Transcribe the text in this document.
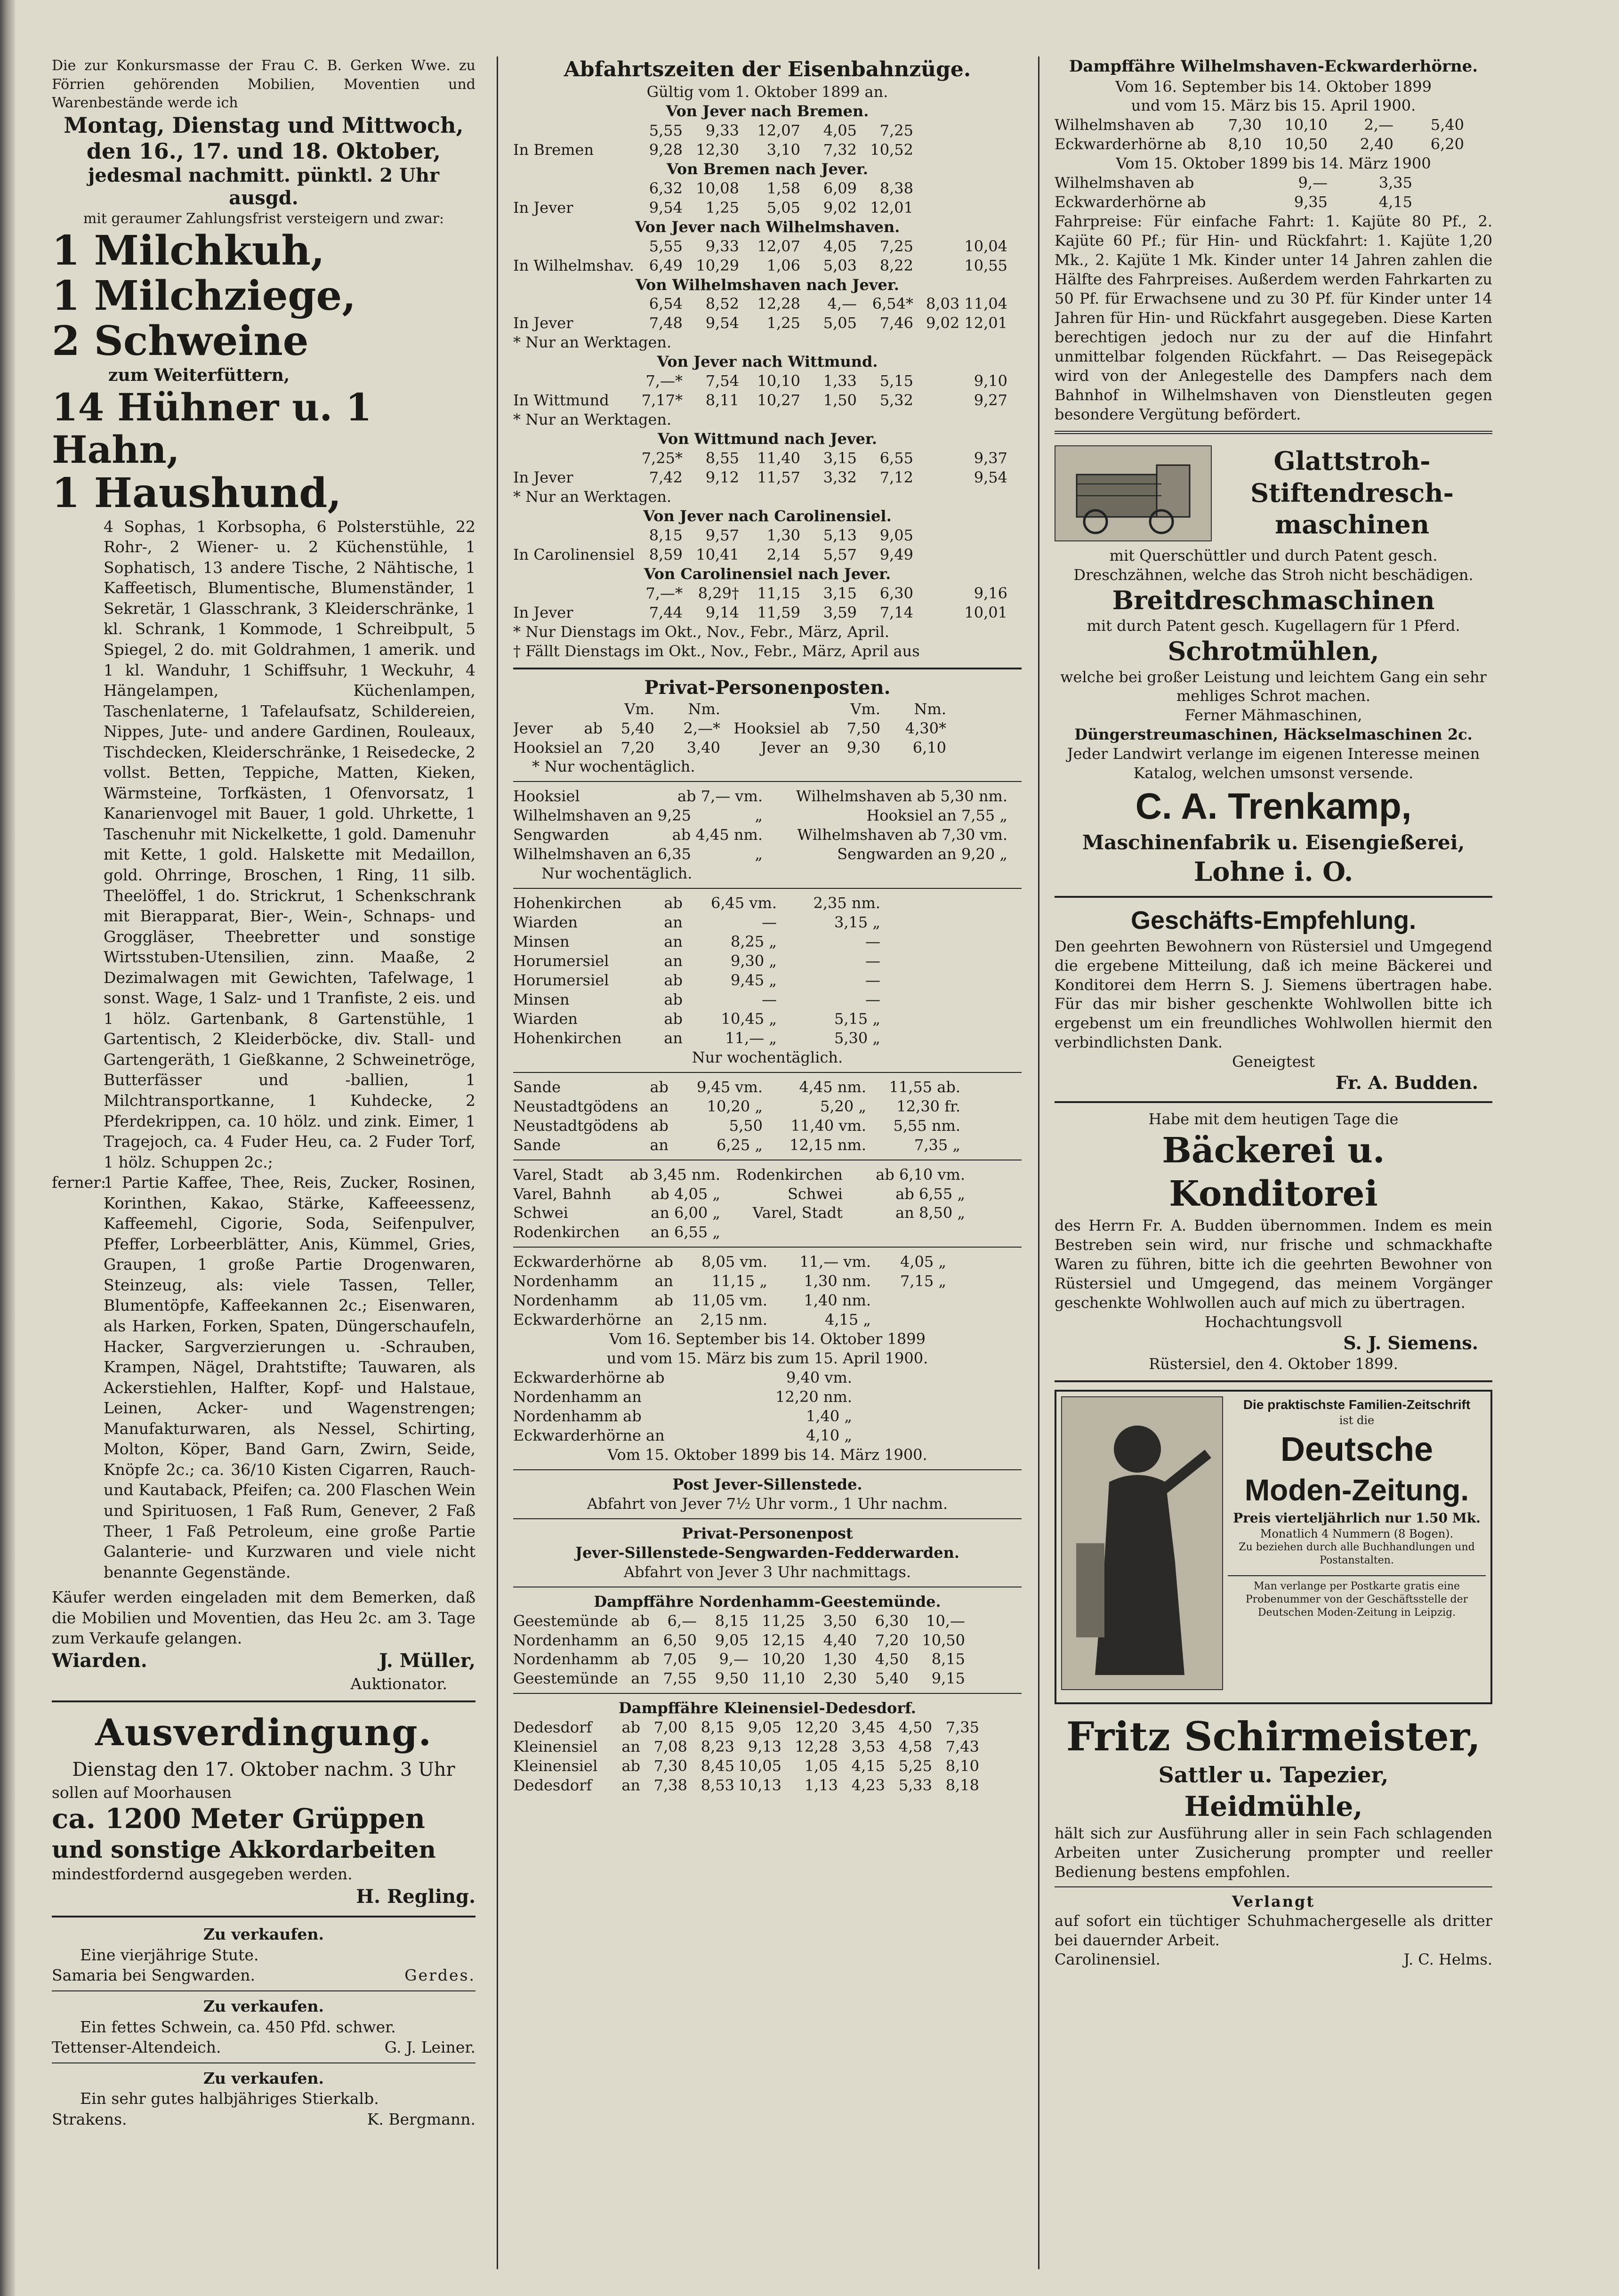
Die zur Konkursmasse der Frau C. B. Gerken Wwe. zu Förrien gehörenden Mobilien, Moventien und Warenbestände werde ich
Montag, Dienstag und Mittwoch,
den 16., 17. und 18. Oktober,
jedesmal nachmitt. pünktl. 2 Uhr ausgd.
mit geraumer Zahlungsfrist versteigern und zwar:
1 Milchkuh,
1 Milchziege,
2 Schweine
zum Weiterfüttern,
14 Hühner u. 1 Hahn,
1 Haushund,
4 Sophas, 1 Korbsopha, 6 Polsterstühle, 22 Rohr-, 2 Wiener- u. 2 Küchenstühle, 1 Sophatisch, 13 andere Tische, 2 Nähtische, 1 Kaffeetisch, Blumentische, Blumenständer, 1 Sekretär, 1 Glasschrank, 3 Kleiderschränke, 1 kl. Schrank, 1 Kommode, 1 Schreibpult, 5 Spiegel, 2 do. mit Goldrahmen, 1 amerik. und 1 kl. Wanduhr, 1 Schiffsuhr, 1 Weckuhr, 4 Hängelampen, Küchenlampen, Taschenlaterne, 1 Tafelaufsatz, Schildereien, Nippes, Jute- und andere Gardinen, Rouleaux, Tischdecken, Kleiderschränke, 1 Reisedecke, 2 vollst. Betten, Teppiche, Matten, Kieken, Wärmsteine, Torfkästen, 1 Ofenvorsatz, 1 Kanarienvogel mit Bauer, 1 gold. Uhrkette, 1 Taschenuhr mit Nickelkette, 1 gold. Damenuhr mit Kette, 1 gold. Halskette mit Medaillon, gold. Ohrringe, Broschen, 1 Ring, 11 silb. Theelöffel, 1 do. Strickrut, 1 Schenkschrank mit Bierapparat, Bier-, Wein-, Schnaps- und Groggläser, Theebretter und sonstige Wirtsstuben-Utensilien, zinn. Maaße, 2 Dezimalwagen mit Gewichten, Tafelwage, 1 sonst. Wage, 1 Salz- und 1 Tranfiste, 2 eis. und 1 hölz. Gartenbank, 8 Gartenstühle, 1 Gartentisch, 2 Kleiderböcke, div. Stall- und Gartengeräth, 1 Gießkanne, 2 Schweinetröge, Butterfässer und -ballien, 1 Milchtransportkanne, 1 Kuhdecke, 2 Pferdekrippen, ca. 10 hölz. und zink. Eimer, 1 Tragejoch, ca. 4 Fuder Heu, ca. 2 Fuder Torf, 1 hölz. Schuppen 2c.;
ferner:
1 Partie Kaffee, Thee, Reis, Zucker, Rosinen, Korinthen, Kakao, Stärke, Kaffeeessenz, Kaffeemehl, Cigorie, Soda, Seifenpulver, Pfeffer, Lorbeerblätter, Anis, Kümmel, Gries, Graupen, 1 große Partie Drogenwaren, Steinzeug, als: viele Tassen, Teller, Blumentöpfe, Kaffeekannen 2c.; Eisenwaren, als Harken, Forken, Spaten, Düngerschaufeln, Hacker, Sargverzierungen u. -Schrauben, Krampen, Nägel, Drahtstifte; Tauwaren, als Ackerstiehlen, Halfter, Kopf- und Halstaue, Leinen, Acker- und Wagenstrengen; Manufakturwaren, als Nessel, Schirting, Molton, Köper, Band Garn, Zwirn, Seide, Knöpfe 2c.; ca. 36/10 Kisten Cigarren, Rauch- und Kautaback, Pfeifen; ca. 200 Flaschen Wein und Spirituosen, 1 Faß Rum, Genever, 2 Faß Theer, 1 Faß Petroleum, eine große Partie Galanterie- und Kurzwaren und viele nicht benannte Gegenstände.
Käufer werden eingeladen mit dem Bemerken, daß die Mobilien und Moventien, das Heu 2c. am 3. Tage zum Verkaufe gelangen.
Wiarden.	J. Müller,
Auktionator.
Ausverdingung.
Dienstag den 17. Oktober nachm. 3 Uhr
sollen auf Moorhausen
ca. 1200 Meter Grüppen
und sonstige Akkordarbeiten
mindestfordernd ausgegeben werden.
H. Regling.
Zu verkaufen.
Eine vierjährige Stute.
Samaria bei Sengwarden.	Gerdes.
Zu verkaufen.
Ein fettes Schwein, ca. 450 Pfd. schwer.
Tettenser-Altendeich.	G. J. Leiner.
Zu verkaufen.
Ein sehr gutes halbjähriges Stierkalb.
Strakens.	K. Bergmann.
Abfahrtszeiten der Eisenbahnzüge.
Gültig vom 1. Oktober 1899 an.
Von Jever nach Bremen.
5,55	9,33	12,07	4,05	7,25
In Bremen	9,28 12,30	3,10	7,32 10,52
Von Bremen nach Jever.
6,32 10,08	1,58	6,09	8,38
In Jever	9,54	1,25	5,05	9,02 12,01
Von Jever nach Wilhelmshaven.
5,55	9,33	12,07	4,05	7,25	10,04
In Wilhelmshav. 6,49 10,29	1,06	5,03	8,22	10,55
Von Wilhelmshaven nach Jever.
6,54	8,52	12,28	4,—	6,54* 8,03 11,04
In Jever	7,48	9,54	1,25	5,05	7,46 9,02 12,01
* Nur an Werktagen.
Von Jever nach Wittmund.
7,—*	7,54	10,10	1,33	5,15	9,10
In Wittmund	7,17*	8,11	10,27	1,50	5,32	9,27
* Nur an Werktagen.
Von Wittmund nach Jever.
7,25*	8,55	11,40	3,15	6,55	9,37
In Jever	7,42	9,12	11,57	3,32	7,12	9,54
* Nur an Werktagen.
Von Jever nach Carolinensiel.
8,15	9,57	1,30	5,13	9,05
In Carolinensiel 8,59 10,41	2,14	5,57	9,49
Von Carolinensiel nach Jever.
7,—*	8,29†	11,15	3,15	6,30	9,16
In Jever	7,44	9,14	11,59	3,59	7,14	10,01
* Nur Dienstags im Okt., Nov., Febr., März, April.
† Fällt Dienstags im Okt., Nov., Febr., März, April aus
Privat-Personenposten.
Vm.	Nm.	Vm.	Nm.
Jever	ab	5,40	2,—* Hooksiel ab	7,50	4,30*
Hooksiel an	7,20	3,40	Jever an	9,30	6,10
* Nur wochentäglich.
Hooksiel	ab 7,— vm.	Wilhelmshaven ab 5,30 nm.
Wilhelmshaven an 9,25	„	Hooksiel an 7,55 „
Sengwarden	ab 4,45 nm.	Wilhelmshaven ab 7,30 vm.
Wilhelmshaven an 6,35	„	Sengwarden an 9,20 „
Nur wochentäglich.
Hohenkirchen	ab	6,45 vm.	2,35 nm.
Wiarden	an	—	3,15 „
Minsen	an	8,25 „	—
Horumersiel	an	9,30 „	—
Horumersiel	ab	9,45 „	—
Minsen	ab	—	—
Wiarden	ab	10,45 „	5,15 „
Hohenkirchen	an	11,— „	5,30 „
Nur wochentäglich.
Sande	ab	9,45 vm.	4,45 nm.	11,55 ab.
Neustadtgödens an	10,20 „	5,20 „	12,30 fr.
Neustadtgödens ab	5,50	11,40 vm.	5,55 nm.
Sande	an	6,25 „	12,15 nm.	7,35 „
Varel, Stadt	ab 3,45 nm.	Rodenkirchen	ab 6,10 vm.
Varel, Bahnh	ab 4,05 „	Schwei	ab 6,55 „
Schwei	an 6,00 „	Varel, Stadt	an 8,50 „
Rodenkirchen	an 6,55 „
Eckwarderhörne ab	8,05 vm.	11,— vm.	4,05 „
Nordenhamm	an	11,15 „	1,30 nm.	7,15 „
Nordenhamm	ab	11,05 vm.	1,40 nm.
Eckwarderhörne an	2,15 nm.	4,15 „
Vom 16. September bis 14. Oktober 1899
und vom 15. März bis zum 15. April 1900.
Eckwarderhörne ab	9,40 vm.
Nordenhamm an	12,20 nm.
Nordenhamm ab	1,40 „
Eckwarderhörne an	4,10 „
Vom 15. Oktober 1899 bis 14. März 1900.
Post Jever-Sillenstede.
Abfahrt von Jever 7½ Uhr vorm., 1 Uhr nachm.
Privat-Personenpost
Jever-Sillenstede-Sengwarden-Fedderwarden.
Abfahrt von Jever 3 Uhr nachmittags.
Dampffähre Nordenhamm-Geestemünde.
Geestemünde ab	6,—	8,15 11,25	3,50	6,30	10,—
Nordenhamm an 6,50	9,05 12,15	4,40	7,20 10,50
Nordenhamm ab 7,05	9,— 10,20	1,30	4,50	8,15
Geestemünde an 7,55	9,50 11,10	2,30	5,40	9,15
Dampffähre Kleinensiel-Dedesdorf.
Dedesdorf	ab 7,00 8,15 9,05 12,20 3,45 4,50 7,35
Kleinensiel	an 7,08 8,23 9,13 12,28 3,53 4,58 7,43
Kleinensiel	ab 7,30 8,45 10,05	1,05 4,15 5,25 8,10
Dedesdorf	an 7,38 8,53 10,13	1,13 4,23 5,33 8,18
Dampffähre Wilhelmshaven-Eckwarderhörne.
Vom 16. September bis 14. Oktober 1899
und vom 15. März bis 15. April 1900.
Wilhelmshaven ab	7,30	10,10	2,—	5,40
Eckwarderhörne ab	8,10	10,50	2,40	6,20
Vom 15. Oktober 1899 bis 14. März 1900
Wilhelmshaven ab	9,—	3,35
Eckwarderhörne ab	9,35	4,15
Fahrpreise: Für einfache Fahrt: 1. Kajüte 80 Pf., 2. Kajüte 60 Pf.; für Hin- und Rückfahrt: 1. Kajüte 1,20 Mk., 2. Kajüte 1 Mk. Kinder unter 14 Jahren zahlen die Hälfte des Fahrpreises. Außerdem werden Fahrkarten zu 50 Pf. für Erwachsene und zu 30 Pf. für Kinder unter 14 Jahren für Hin- und Rückfahrt ausgegeben. Diese Karten berechtigen jedoch nur zu der auf die Hinfahrt unmittelbar folgenden Rückfahrt. — Das Reisegepäck wird von der Anlegestelle des Dampfers nach dem Bahnhof in Wilhelmshaven von Dienstleuten gegen besondere Vergütung befördert.
Glattstroh-
Stiftendresch-
maschinen
mit Querschüttler und durch Patent gesch. Dreschzähnen, welche das Stroh nicht beschädigen.
Breitdreschmaschinen
mit durch Patent gesch. Kugellagern für 1 Pferd.
Schrotmühlen,
welche bei großer Leistung und leichtem Gang ein sehr mehliges Schrot machen.
Ferner Mähmaschinen,
Düngerstreumaschinen, Häckselmaschinen 2c.
Jeder Landwirt verlange im eigenen Interesse meinen Katalog, welchen umsonst versende.
C. A. Trenkamp,
Maschinenfabrik u. Eisengießerei,
Lohne i. O.
Geschäfts-Empfehlung.
Den geehrten Bewohnern von Rüstersiel und Umgegend die ergebene Mitteilung, daß ich meine Bäckerei und Konditorei dem Herrn S. J. Siemens übertragen habe. Für das mir bisher geschenkte Wohlwollen bitte ich ergebenst um ein freundliches Wohlwollen hiermit den verbindlichsten Dank.
Geneigtest
Fr. A. Budden.
Habe mit dem heutigen Tage die
Bäckerei u. Konditorei
des Herrn Fr. A. Budden übernommen. Indem es mein Bestreben sein wird, nur frische und schmackhafte Waren zu führen, bitte ich die geehrten Bewohner von Rüstersiel und Umgegend, das meinem Vorgänger geschenkte Wohlwollen auch auf mich zu übertragen.
Hochachtungsvoll
S. J. Siemens.
Rüstersiel, den 4. Oktober 1899.
Die praktischste Familien-Zeitschrift
ist die
Deutsche
Moden-Zeitung.
Preis vierteljährlich nur 1.50 Mk.
Monatlich 4 Nummern (8 Bogen).
Zu beziehen durch alle Buchhandlungen und Postanstalten.
Man verlange per Postkarte gratis eine Probenummer von der Geschäftsstelle der Deutschen Moden-Zeitung in Leipzig.
Fritz Schirmeister,
Sattler u. Tapezier,
Heidmühle,
hält sich zur Ausführung aller in sein Fach schlagenden Arbeiten unter Zusicherung prompter und reeller Bedienung bestens empfohlen.
Verlangt
auf sofort ein tüchtiger Schuhmachergeselle als dritter bei dauernder Arbeit.
Carolinensiel.	J. C. Helms.
